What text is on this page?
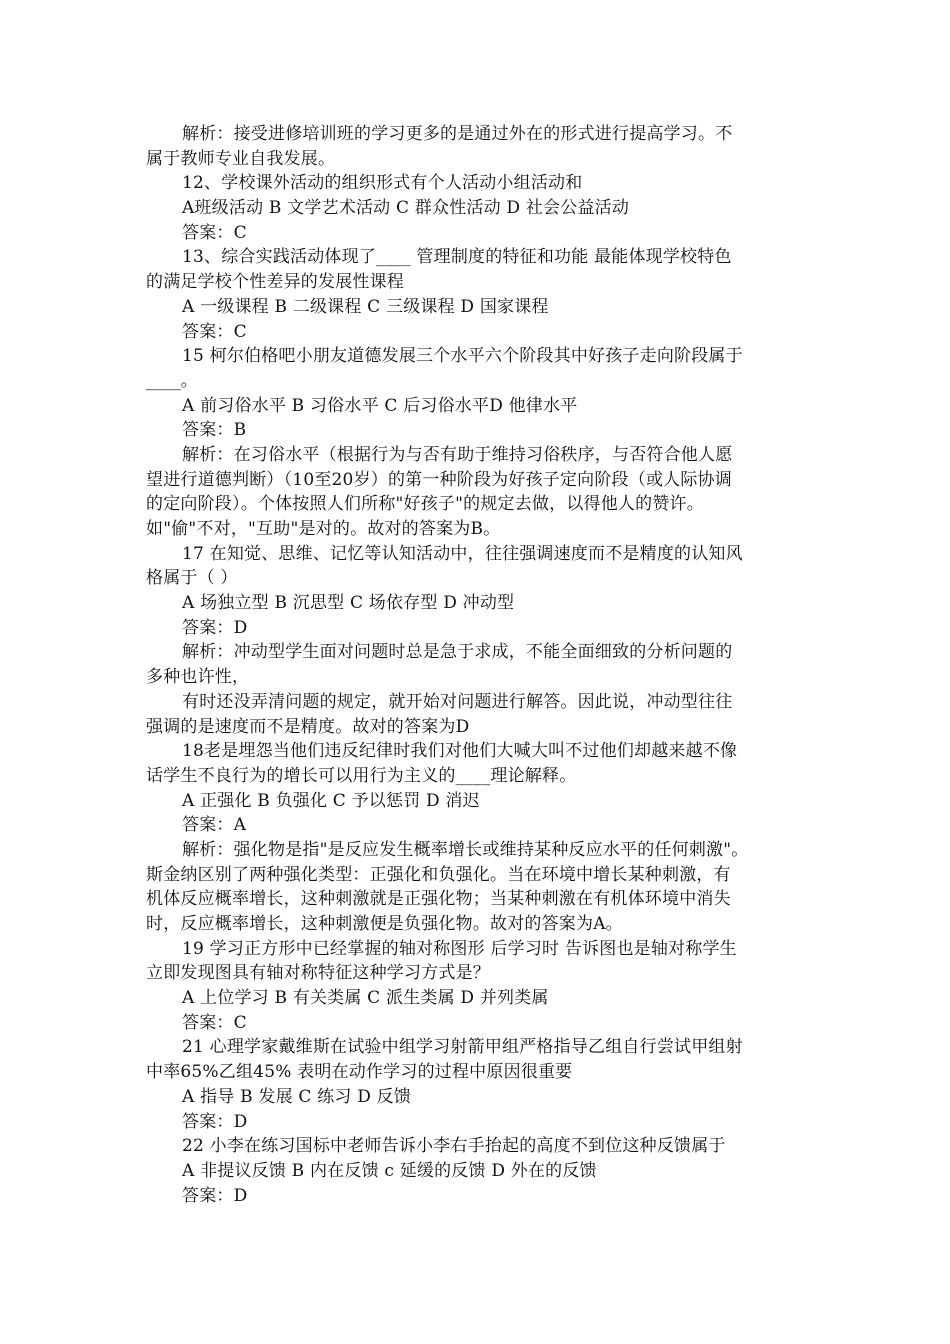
解析：接受进修培训班的学习更多的是通过外在的形式进行提高学习。不
属于教师专业自我发展。
12、学校课外活动的组织形式有个人活动小组活动和
A班级活动 B 文学艺术活动 C 群众性活动 D 社会公益活动
答案：C
13、综合实践活动体现了____ 管理制度的特征和功能 最能体现学校特色
的满足学校个性差异的发展性课程
A 一级课程 B 二级课程 C 三级课程 D 国家课程
答案：C
15 柯尔伯格吧小朋友道德发展三个水平六个阶段其中好孩子走向阶段属于
____。
A 前习俗水平 B 习俗水平 C 后习俗水平D 他律水平
答案：B
解析：在习俗水平（根据行为与否有助于维持习俗秩序，与否符合他人愿
望进行道德判断）（10至20岁）的第一种阶段为好孩子定向阶段（或人际协调
的定向阶段）。个体按照人们所称"好孩子"的规定去做，以得他人的赞许。
如"偷"不对，"互助"是对的。故对的答案为B。
17 在知觉、思维、记忆等认知活动中，往往强调速度而不是精度的认知风
格属于（ ）
A 场独立型 B 沉思型 C 场依存型 D 冲动型
答案：D
解析：冲动型学生面对问题时总是急于求成，不能全面细致的分析问题的
多种也许性，
有时还没弄清问题的规定，就开始对问题进行解答。因此说，冲动型往往
强调的是速度而不是精度。故对的答案为D
18老是埋怨当他们违反纪律时我们对他们大喊大叫不过他们却越来越不像
话学生不良行为的增长可以用行为主义的____理论解释。
A 正强化 B 负强化 C 予以惩罚 D 消迟
答案：A
解析：强化物是指"是反应发生概率增长或维持某种反应水平的任何刺激"。
斯金纳区别了两种强化类型：正强化和负强化。当在环境中增长某种刺激，有
机体反应概率增长，这种刺激就是正强化物；当某种刺激在有机体环境中消失
时，反应概率增长，这种刺激便是负强化物。故对的答案为A。
19 学习正方形中已经掌握的轴对称图形 后学习时 告诉图也是轴对称学生
立即发现图具有轴对称特征这种学习方式是？
A 上位学习 B 有关类属 C 派生类属 D 并列类属
答案：C
21 心理学家戴维斯在试验中组学习射箭甲组严格指导乙组自行尝试甲组射
中率65%乙组45% 表明在动作学习的过程中原因很重要
A 指导 B 发展 C 练习 D 反馈
答案：D
22 小李在练习国标中老师告诉小李右手抬起的高度不到位这种反馈属于
A 非提议反馈 B 内在反馈 c 延缓的反馈 D 外在的反馈
答案：D
